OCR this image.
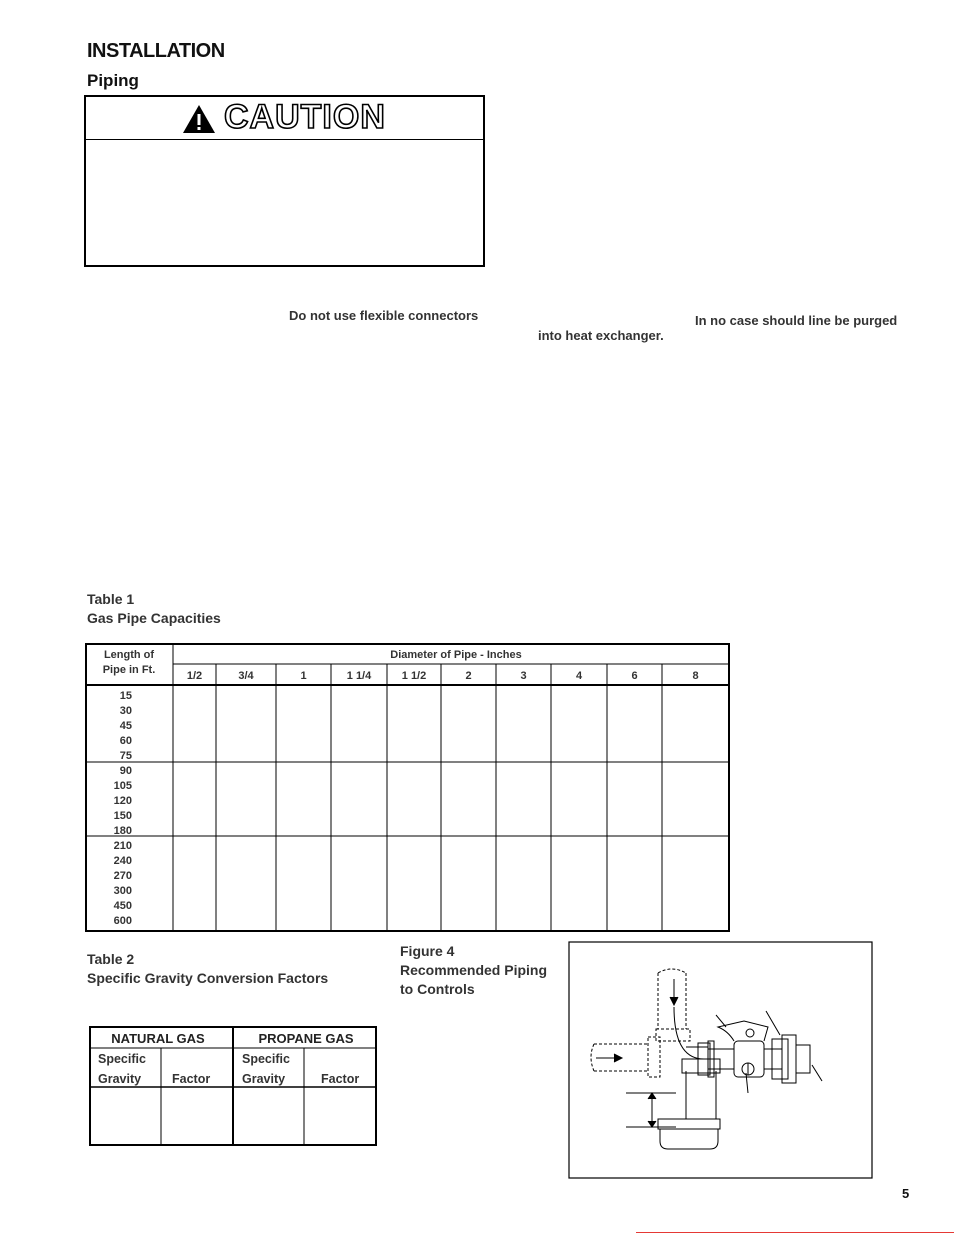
INSTALLATION
Piping
CAUTION
Do not use flexible connectors	In no case should line be purged
into heat exchanger.
Table 1
Gas Pipe Capacities
Length of
Pipe in Ft.
Diameter of Pipe - Inches
1/2	3/4	1	1 1/4	1 1/2	2	3	4	6	8
15
30
45
60
75
90
105
120
150
180
210
240
270
300
450
600
Table 2
Specific Gravity Conversion Factors
NATURAL GAS	PROPANE GAS
Specific
Gravity Factor
Specific
Gravity	Factor
Figure 4
Recommended Piping
to Controls
5
